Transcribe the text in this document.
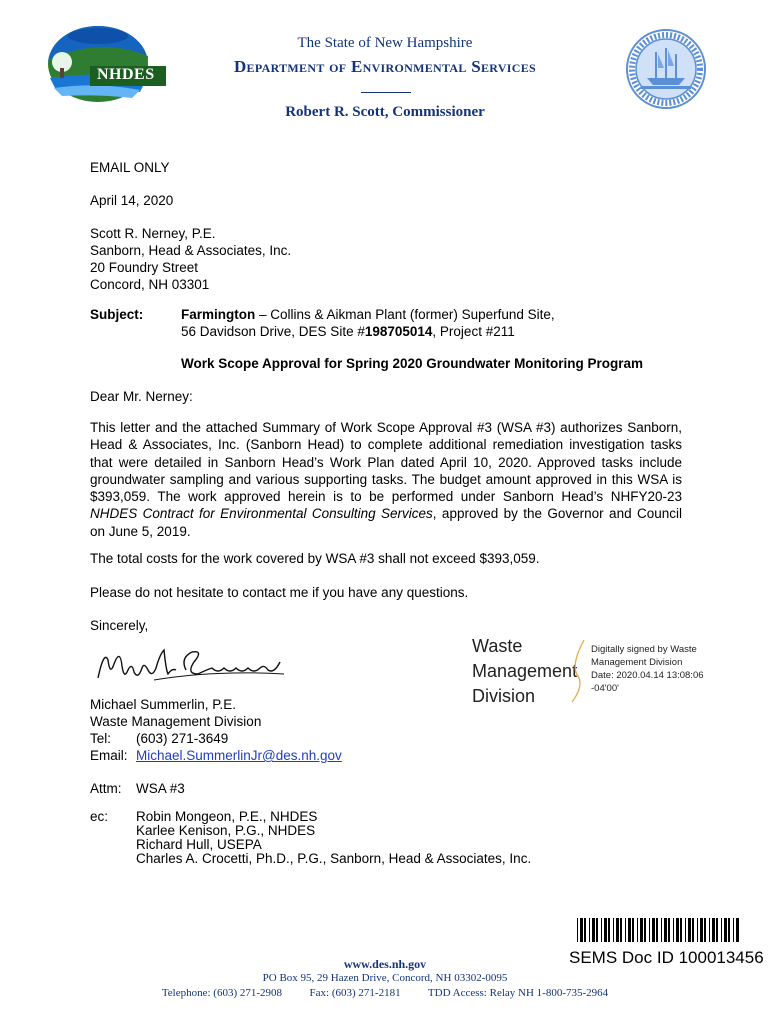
NHDES
The State of New Hampshire
Department of Environmental Services
Robert R. Scott, Commissioner
EMAIL ONLY
April 14, 2020
Scott R. Nerney, P.E.
Sanborn, Head & Associates, Inc.
20 Foundry Street
Concord, NH 03301
Subject:	Farmington – Collins & Aikman Plant (former) Superfund Site,
56 Davidson Drive, DES Site #198705014, Project #211
Work Scope Approval for Spring 2020 Groundwater Monitoring Program
Dear Mr. Nerney:
This letter and the attached Summary of Work Scope Approval #3 (WSA #3) authorizes Sanborn, Head & Associates, Inc. (Sanborn Head) to complete additional remediation investigation tasks that were detailed in Sanborn Head’s Work Plan dated April 10, 2020. Approved tasks include groundwater sampling and various supporting tasks. The budget amount approved in this WSA is $393,059. The work approved herein is to be performed under Sanborn Head’s NHFY20-23 NHDES Contract for Environmental Consulting Services, approved by the Governor and Council on June 5, 2019.
The total costs for the work covered by WSA #3 shall not exceed $393,059.
Please do not hesitate to contact me if you have any questions.
Sincerely,
Waste
Management
Division
Digitally signed by Waste
Management Division
Date: 2020.04.14 13:08:06
-04'00'
Michael Summerlin, P.E.
Waste Management Division
Tel: (603) 271-3649
Email: Michael.SummerlinJr@des.nh.gov
Attm: WSA #3
ec: Robin Mongeon, P.E., NHDES
Karlee Kenison, P.G., NHDES
Richard Hull, USEPA
Charles A. Crocetti, Ph.D., P.G., Sanborn, Head & Associates, Inc.
SEMS Doc ID 100013456
www.des.nh.gov
PO Box 95, 29 Hazen Drive, Concord, NH 03302-0095
Telephone: (603) 271-2908	Fax: (603) 271-2181 TDD Access: Relay NH 1-800-735-2964
